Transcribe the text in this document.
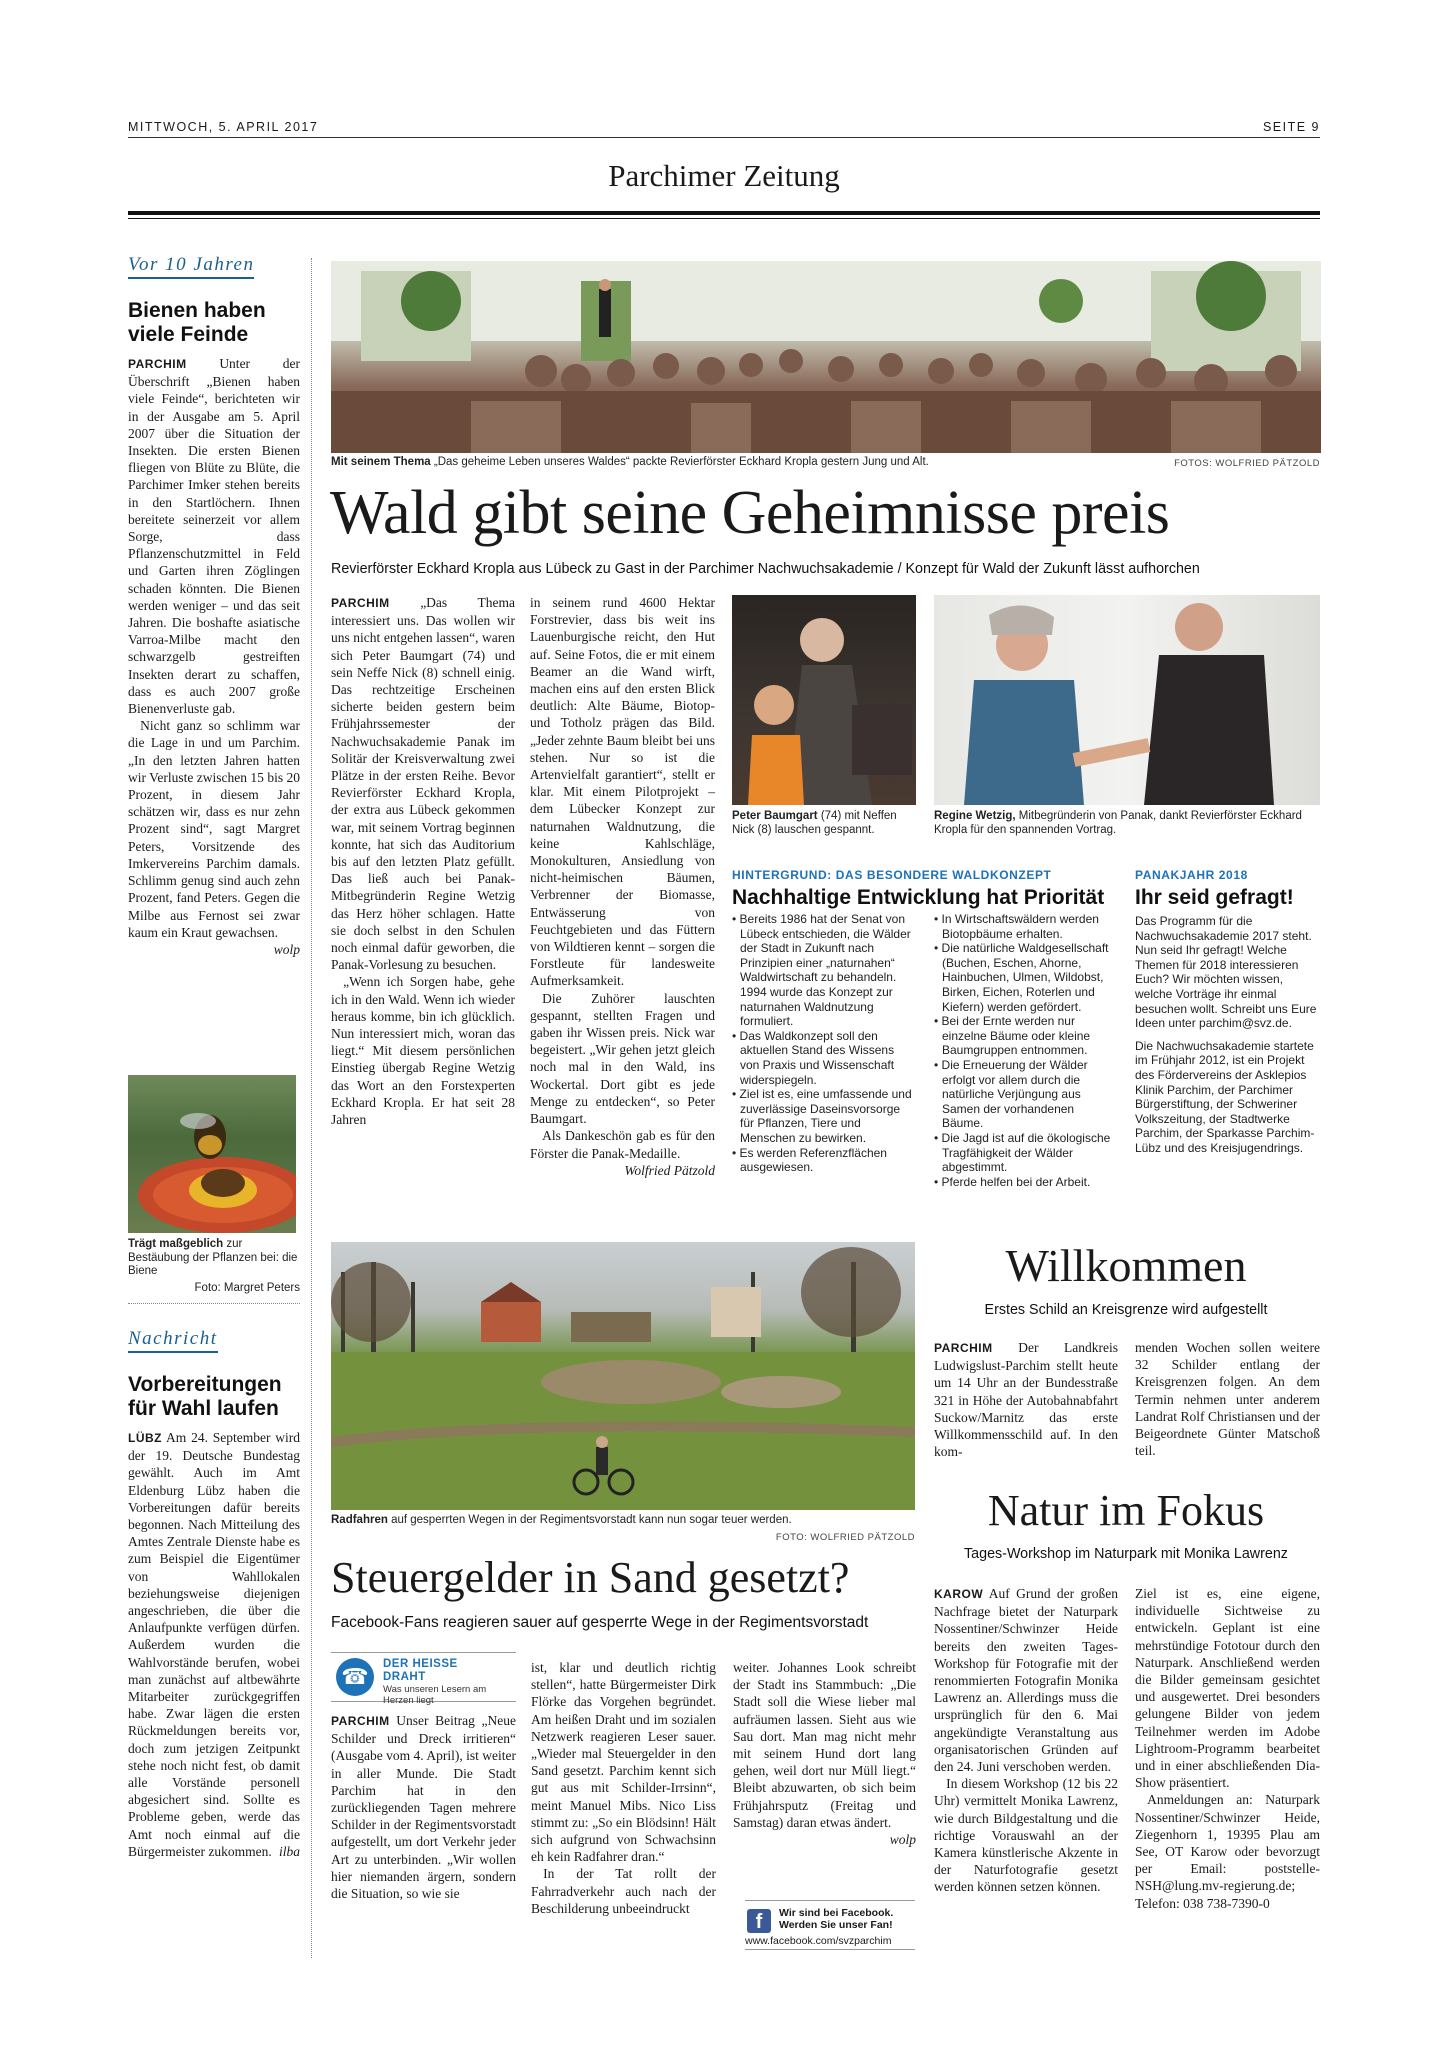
MITTWOCH, 5. APRIL 2017	SEITE 9
Parchimer Zeitung
Vor 10 Jahren
Bienen haben viele Feinde

PARCHIM Unter der Überschrift „Bienen haben viele Feinde“, berichteten wir in der Ausgabe am 5. April 2007 über die Situation der Insekten. Die ersten Bienen fliegen von Blüte zu Blüte, die Parchimer Imker stehen bereits in den Startlöchern. Ihnen bereitete seinerzeit vor allem Sorge, dass Pflanzenschutzmittel in Feld und Garten ihren Zöglingen schaden könnten. Die Bienen werden weniger – und das seit Jahren. Die boshafte asiatische Varroa-Milbe macht den schwarzgelb gestreiften Insekten derart zu schaffen, dass es auch 2007 große Bienenverluste gab.

Nicht ganz so schlimm war die Lage in und um Parchim. „In den letzten Jahren hatten wir Verluste zwischen 15 bis 20 Prozent, in diesem Jahr schätzen wir, dass es nur zehn Prozent sind“, sagt Margret Peters, Vorsitzende des Imkervereins Parchim damals. Schlimm genug sind auch zehn Prozent, fand Peters. Gegen die Milbe aus Fernost sei zwar kaum ein Kraut gewachsen.
wolp

Trägt maßgeblich zur Bestäubung der Pflanzen bei: die Biene
Foto: Margret Peters
Nachricht
Vorbereitungen für Wahl laufen

LÜBZ Am 24. September wird der 19. Deutsche Bundestag gewählt. Auch im Amt Eldenburg Lübz haben die Vorbereitungen dafür bereits begonnen. Nach Mitteilung des Amtes Zentrale Dienste habe es zum Beispiel die Eigentümer von Wahllokalen beziehungsweise diejenigen angeschrieben, die über die Anlaufpunkte verfügen dürfen. Außerdem wurden die Wahlvorstände berufen, wobei man zunächst auf altbewährte Mitarbeiter zurückgegriffen habe. Zwar lägen die ersten Rückmeldungen bereits vor, doch zum jetzigen Zeitpunkt stehe noch nicht fest, ob damit alle Vorstände personell abgesichert sind. Sollte es Probleme geben, werde das Amt noch einmal auf die Bürgermeister zukommen. ilba

Mit seinem Thema „Das geheime Leben unseres Waldes“ packte Revierförster Eckhard Kropla gestern Jung und Alt.	FOTOS: WOLFRIED PÄTZOLD
Wald gibt seine Geheimnisse preis
Revierförster Eckhard Kropla aus Lübeck zu Gast in der Parchimer Nachwuchsakademie / Konzept für Wald der Zukunft lässt aufhorchen

PARCHIM „Das Thema interessiert uns. Das wollen wir uns nicht entgehen lassen“, waren sich Peter Baumgart (74) und sein Neffe Nick (8) schnell einig. Das rechtzeitige Erscheinen sicherte beiden gestern beim Frühjahrssemester der Nachwuchsakademie Panak im Solitär der Kreisverwaltung zwei Plätze in der ersten Reihe. Bevor Revierförster Eckhard Kropla, der extra aus Lübeck gekommen war, mit seinem Vortrag beginnen konnte, hat sich das Auditorium bis auf den letzten Platz gefüllt. Das ließ auch bei Panak-Mitbegründerin Regine Wetzig das Herz höher schlagen. Hatte sie doch selbst in den Schulen noch einmal dafür geworben, die Panak-Vorlesung zu besuchen.

„Wenn ich Sorgen habe, gehe ich in den Wald. Wenn ich wieder heraus komme, bin ich glücklich. Nun interessiert mich, woran das liegt.“ Mit diesem persönlichen Einstieg übergab Regine Wetzig das Wort an den Forstexperten Eckhard Kropla. Er hat seit 28 Jahren

in seinem rund 4600 Hektar Forstrevier, dass bis weit ins Lauenburgische reicht, den Hut auf. Seine Fotos, die er mit einem Beamer an die Wand wirft, machen eins auf den ersten Blick deutlich: Alte Bäume, Biotop- und Totholz prägen das Bild. „Jeder zehnte Baum bleibt bei uns stehen. Nur so ist die Artenvielfalt garantiert“, stellt er klar. Mit einem Pilotprojekt – dem Lübecker Konzept zur naturnahen Waldnutzung, die keine Kahlschläge, Monokulturen, Ansiedlung von nicht-heimischen Bäumen, Verbrenner der Biomasse, Entwässerung von Feuchtgebieten und das Füttern von Wildtieren kennt – sorgen die Forstleute für landesweite Aufmerksamkeit.

Die Zuhörer lauschten gespannt, stellten Fragen und gaben ihr Wissen preis. Nick war begeistert. „Wir gehen jetzt gleich noch mal in den Wald, ins Wockertal. Dort gibt es jede Menge zu entdecken“, so Peter Baumgart.

Als Dankeschön gab es für den Förster die Panak-Medaille.
Wolfried Pätzold

Peter Baumgart (74) mit Neffen Nick (8) lauschen gespannt.
Regine Wetzig, Mitbegründerin von Panak, dankt Revierförster Eckhard Kropla für den spannenden Vortrag.
HINTERGRUND: DAS BESONDERE WALDKONZEPT
Nachhaltige Entwicklung hat Priorität
• Bereits 1986 hat der Senat von Lübeck entschieden, die Wälder der Stadt in Zukunft nach Prinzipien einer „naturnahen“ Waldwirtschaft zu behandeln. 1994 wurde das Konzept zur naturnahen Waldnutzung formuliert.
• Das Waldkonzept soll den aktuellen Stand des Wissens von Praxis und Wissenschaft widerspiegeln.
• Ziel ist es, eine umfassende und zuverlässige Daseinsvorsorge für Pflanzen, Tiere und Menschen zu bewirken.
• Es werden Referenzflächen ausgewiesen.
• In Wirtschaftswäldern werden Biotopbäume erhalten.
• Die natürliche Waldgesellschaft (Buchen, Eschen, Ahorne, Hainbuchen, Ulmen, Wildobst, Birken, Eichen, Roterlen und Kiefern) werden gefördert.
• Bei der Ernte werden nur einzelne Bäume oder kleine Baumgruppen entnommen.
• Die Erneuerung der Wälder erfolgt vor allem durch die natürliche Verjüngung aus Samen der vorhandenen Bäume.
• Die Jagd ist auf die ökologische Tragfähigkeit der Wälder abgestimmt.
• Pferde helfen bei der Arbeit.
PANAKJAHR 2018
Ihr seid gefragt!

Das Programm für die Nachwuchsakademie 2017 steht. Nun seid Ihr gefragt! Welche Themen für 2018 interessieren Euch? Wir möchten wissen, welche Vorträge ihr einmal besuchen wollt. Schreibt uns Eure Ideen unter parchim@svz.de.

Die Nachwuchsakademie startete im Frühjahr 2012, ist ein Projekt des Fördervereins der Asklepios Klinik Parchim, der Parchimer Bürgerstiftung, der Schweriner Volkszeitung, der Stadtwerke Parchim, der Sparkasse Parchim-Lübz und des Kreisjugendrings.

Radfahren auf gesperrten Wegen in der Regimentsvorstadt kann nun sogar teuer werden.
FOTO: WOLFRIED PÄTZOLD
Steuergelder in Sand gesetzt?
Facebook-Fans reagieren sauer auf gesperrte Wege in der Regimentsvorstadt
☎	DER HEISSE DRAHT
Was unseren Lesern am Herzen liegt

PARCHIM Unser Beitrag „Neue Schilder und Dreck irritieren“ (Ausgabe vom 4. April), ist weiter in aller Munde. Die Stadt Parchim hat in den zurückliegenden Tagen mehrere Schilder in der Regimentsvorstadt aufgestellt, um dort Verkehr jeder Art zu unterbinden. „Wir wollen hier niemanden ärgern, sondern die Situation, so wie sie

ist, klar und deutlich richtig stellen“, hatte Bürgermeister Dirk Flörke das Vorgehen begründet. Am heißen Draht und im sozialen Netzwerk reagieren Leser sauer. „Wieder mal Steuergelder in den Sand gesetzt. Parchim kennt sich gut aus mit Schilder-Irrsinn“, meint Manuel Mibs. Nico Liss stimmt zu: „So ein Blödsinn! Hält sich aufgrund von Schwachsinn eh kein Radfahrer dran.“

In der Tat rollt der Fahrradverkehr auch nach der Beschilderung unbeeindruckt

weiter. Johannes Look schreibt der Stadt ins Stammbuch: „Die Stadt soll die Wiese lieber mal aufräumen lassen. Sieht aus wie Sau dort. Man mag nicht mehr mit seinem Hund dort lang gehen, weil dort nur Müll liegt.“ Bleibt abzuwarten, ob sich beim Frühjahrsputz (Freitag und Samstag) daran etwas ändert.
wolp

f	Wir sind bei Facebook.
Werden Sie unser Fan!
www.facebook.com/svzparchim
Willkommen
Erstes Schild an Kreisgrenze wird aufgestellt

PARCHIM Der Landkreis Ludwigslust-Parchim stellt heute um 14 Uhr an der Bundesstraße 321 in Höhe der Autobahnabfahrt Suckow/Marnitz das erste Willkommensschild auf. In den kom-

menden Wochen sollen weitere 32 Schilder entlang der Kreisgrenzen folgen. An dem Termin nehmen unter anderem Landrat Rolf Christiansen und der Beigeordnete Günter Matschoß teil.

Natur im Fokus
Tages-Workshop im Naturpark mit Monika Lawrenz

KAROW Auf Grund der großen Nachfrage bietet der Naturpark Nossentiner/Schwinzer Heide bereits den zweiten Tages-Workshop für Fotografie mit der renommierten Fotografin Monika Lawrenz an. Allerdings muss die ursprünglich für den 6. Mai angekündigte Veranstaltung aus organisatorischen Gründen auf den 24. Juni verschoben werden.

In diesem Workshop (12 bis 22 Uhr) vermittelt Monika Lawrenz, wie durch Bildgestaltung und die richtige Vorauswahl an der Kamera künstlerische Akzente in der Naturfotografie gesetzt werden können setzen können.

Ziel ist es, eine eigene, individuelle Sichtweise zu entwickeln. Geplant ist eine mehrstündige Fototour durch den Naturpark. Anschließend werden die Bilder gemeinsam gesichtet und ausgewertet. Drei besonders gelungene Bilder von jedem Teilnehmer werden im Adobe Lightroom-Programm bearbeitet und in einer abschließenden Dia-Show präsentiert.

Anmeldungen an: Naturpark Nossentiner/Schwinzer Heide, Ziegenhorn 1, 19395 Plau am See, OT Karow oder bevorzugt per Email: poststelle-NSH@lung.mv-regierung.de; Telefon: 038 738-7390-0
